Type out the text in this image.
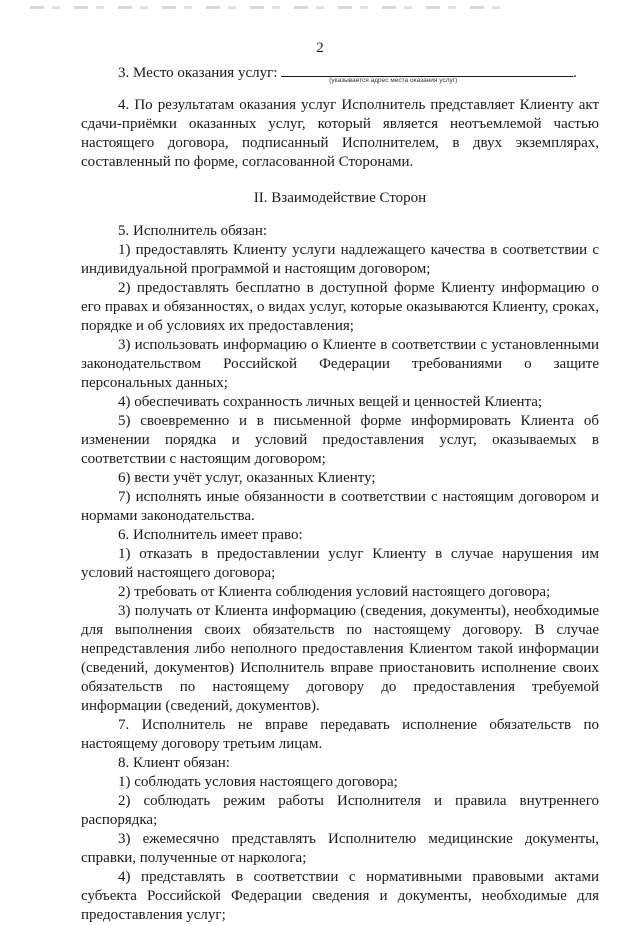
2

3. Место оказания услуг:	(указывается адрес места оказания услуг)	.

4. По результатам оказания услуг Исполнитель представляет Клиенту акт сдачи-приёмки оказанных услуг, который является неотъемлемой частью настоящего договора, подписанный Исполнителем, в двух экземплярах, составленный по форме, согласованной Сторонами.

II. Взаимодействие Сторон

5. Исполнитель обязан:

1) предоставлять Клиенту услуги надлежащего качества в соответствии с индивидуальной программой и настоящим договором;

2) предоставлять бесплатно в доступной форме Клиенту информацию о его правах и обязанностях, о видах услуг, которые оказываются Клиенту, сроках, порядке и об условиях их предоставления;

3) использовать информацию о Клиенте в соответствии с установленными законодательством Российской Федерации требованиями о защите персональных данных;

4) обеспечивать сохранность личных вещей и ценностей Клиента;

5) своевременно и в письменной форме информировать Клиента об изменении порядка и условий предоставления услуг, оказываемых в соответствии с настоящим договором;

6) вести учёт услуг, оказанных Клиенту;

7) исполнять иные обязанности в соответствии с настоящим договором и нормами законодательства.

6. Исполнитель имеет право:

1) отказать в предоставлении услуг Клиенту в случае нарушения им условий настоящего договора;

2) требовать от Клиента соблюдения условий настоящего договора;

3) получать от Клиента информацию (сведения, документы), необходимые для выполнения своих обязательств по настоящему договору. В случае непредставления либо неполного предоставления Клиентом такой информации (сведений, документов) Исполнитель вправе приостановить исполнение своих обязательств по настоящему договору до предоставления требуемой информации (сведений, документов).

7. Исполнитель не вправе передавать исполнение обязательств по настоящему договору третьим лицам.

8. Клиент обязан:

1) соблюдать условия настоящего договора;

2) соблюдать режим работы Исполнителя и правила внутреннего распорядка;

3) ежемесячно представлять Исполнителю медицинские документы, справки, полученные от нарколога;

4) представлять в соответствии с нормативными правовыми актами субъекта Российской Федерации сведения и документы, необходимые для предоставления услуг;
